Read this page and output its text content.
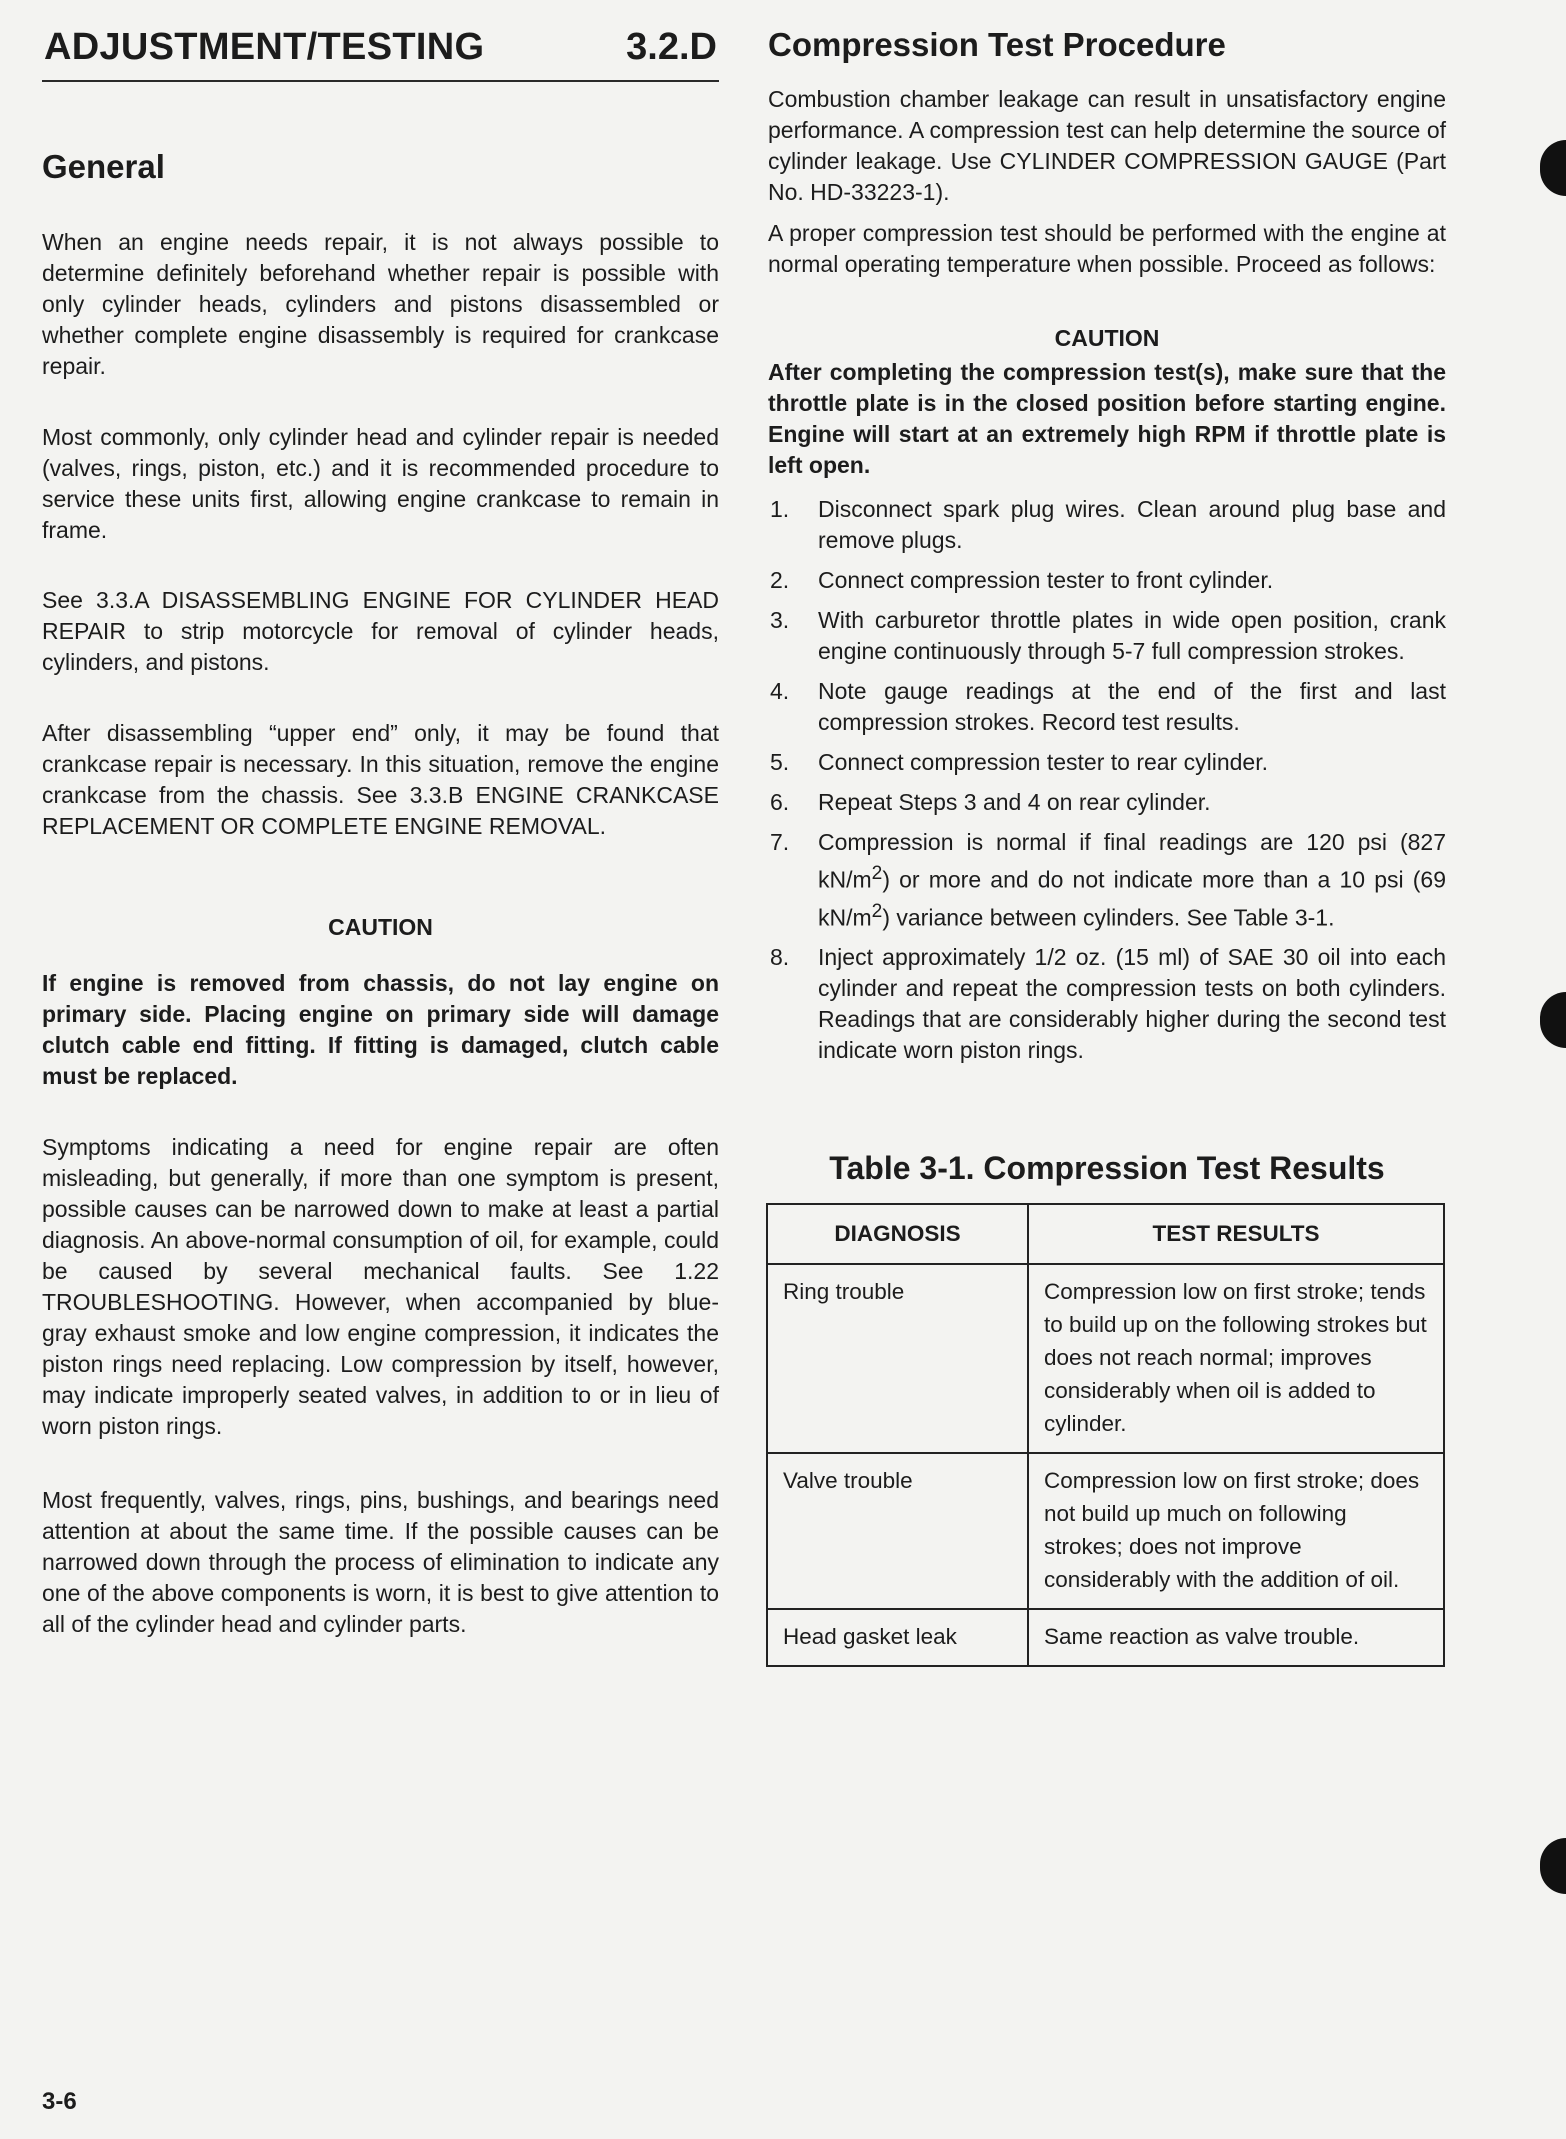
ADJUSTMENT/TESTING	3.2.D
General

When an engine needs repair, it is not always possible to determine definitely beforehand whether repair is possible with only cylinder heads, cylinders and pistons disassembled or whether complete engine disassembly is required for crankcase repair.

Most commonly, only cylinder head and cylinder repair is needed (valves, rings, piston, etc.) and it is recommended procedure to service these units first, allowing engine crankcase to remain in frame.

See 3.3.A DISASSEMBLING ENGINE FOR CYLINDER HEAD REPAIR to strip motorcycle for removal of cylinder heads, cylinders, and pistons.

After disassembling “upper end” only, it may be found that crankcase repair is necessary. In this situation, remove the engine crankcase from the chassis. See 3.3.B ENGINE CRANKCASE REPLACEMENT OR COMPLETE ENGINE REMOVAL.

CAUTION

If engine is removed from chassis, do not lay engine on primary side. Placing engine on primary side will damage clutch cable end fitting. If fitting is damaged, clutch cable must be replaced.

Symptoms indicating a need for engine repair are often misleading, but generally, if more than one symptom is present, possible causes can be narrowed down to make at least a partial diagnosis. An above-normal consumption of oil, for example, could be caused by several mechanical faults. See 1.22 TROUBLESHOOTING. However, when accompanied by blue-gray exhaust smoke and low engine compression, it indicates the piston rings need replacing. Low compression by itself, however, may indicate improperly seated valves, in addition to or in lieu of worn piston rings.

Most frequently, valves, rings, pins, bushings, and bearings need attention at about the same time. If the possible causes can be narrowed down through the process of elimination to indicate any one of the above components is worn, it is best to give attention to all of the cylinder head and cylinder parts.

Compression Test Procedure

Combustion chamber leakage can result in unsatisfactory engine performance. A compression test can help determine the source of cylinder leakage. Use CYLINDER COMPRESSION GAUGE (Part No. HD-33223-1).

A proper compression test should be performed with the engine at normal operating temperature when possible. Proceed as follows:

CAUTION

After completing the compression test(s), make sure that the throttle plate is in the closed position before starting engine. Engine will start at an extremely high RPM if throttle plate is left open.

1. Disconnect spark plug wires. Clean around plug base and remove plugs.
2. Connect compression tester to front cylinder.
3. With carburetor throttle plates in wide open position, crank engine continuously through 5-7 full compression strokes.
4. Note gauge readings at the end of the first and last compression strokes. Record test results.
5. Connect compression tester to rear cylinder.
6. Repeat Steps 3 and 4 on rear cylinder.
7. Compression is normal if final readings are 120 psi (827 $kN/m^2$) or more and do not indicate more than a 10 psi (69 $kN/m^2$) variance between cylinders. See Table 3-1.
8. Inject approximately 1/2 oz. (15 ml) of SAE 30 oil into each cylinder and repeat the compression tests on both cylinders. Readings that are considerably higher during the second test indicate worn piston rings.
Table 3-1. Compression Test Results
DIAGNOSIS	TEST RESULTS
Ring trouble	Compression low on first stroke; tends to build up on the following strokes but does not reach normal; improves considerably when oil is added to cylinder.
Valve trouble	Compression low on first stroke; does not build up much on following strokes; does not improve considerably with the addition of oil.
Head gasket leak	Same reaction as valve trouble.
3-6
